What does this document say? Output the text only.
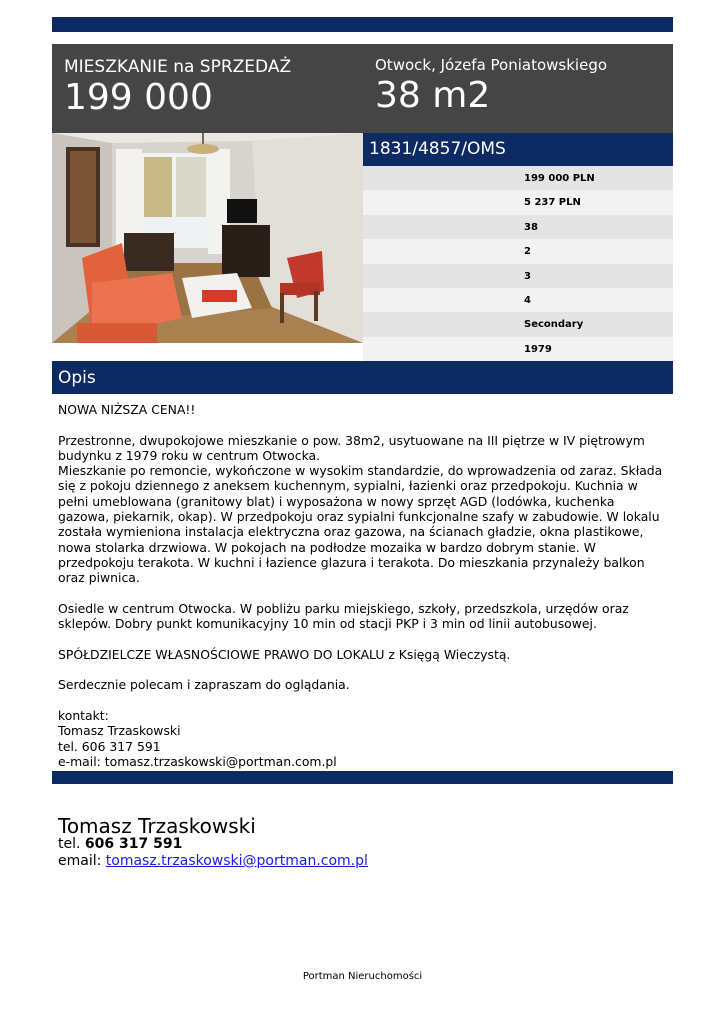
MIESZKANIE na SPRZEDAŻ
199 000
Otwock, Józefa Poniatowskiego
38 m2
1831/4857/OMS
199 000 PLN
5 237 PLN
38
2
3
4
Secondary
1979
Opis

NOWA NIŻSZA CENA!!

Przestronne, dwupokojowe mieszkanie o pow. 38m2, usytuowane na III piętrze w IV piętrowym budynku z 1979 roku w centrum Otwocka.
Mieszkanie po remoncie, wykończone w wysokim standardzie, do wprowadzenia od zaraz. Składa się z pokoju dziennego z aneksem kuchennym, sypialni, łazienki oraz przedpokoju. Kuchnia w pełni umeblowana (granitowy blat) i wyposażona w nowy sprzęt AGD (lodówka, kuchenka gazowa, piekarnik, okap). W przedpokoju oraz sypialni funkcjonalne szafy w zabudowie. W lokalu została wymieniona instalacja elektryczna oraz gazowa, na ścianach gładzie, okna plastikowe, nowa stolarka drzwiowa. W pokojach na podłodze mozaika w bardzo dobrym stanie. W przedpokoju terakota. W kuchni i łazience glazura i terakota. Do mieszkania przynależy balkon oraz piwnica.

Osiedle w centrum Otwocka. W pobliżu parku miejskiego, szkoły, przedszkola, urzędów oraz sklepów. Dobry punkt komunikacyjny 10 min od stacji PKP i 3 min od linii autobusowej.

SPÓŁDZIELCZE WŁASNOŚCIOWE PRAWO DO LOKALU z Księgą Wieczystą.

Serdecznie polecam i zapraszam do oglądania.

kontakt:
Tomasz Trzaskowski
tel. 606 317 591
e-mail: tomasz.trzaskowski@portman.com.pl

Tomasz Trzaskowski
tel. 606 317 591
email: tomasz.trzaskowski@portman.com.pl
Portman Nieruchomości
